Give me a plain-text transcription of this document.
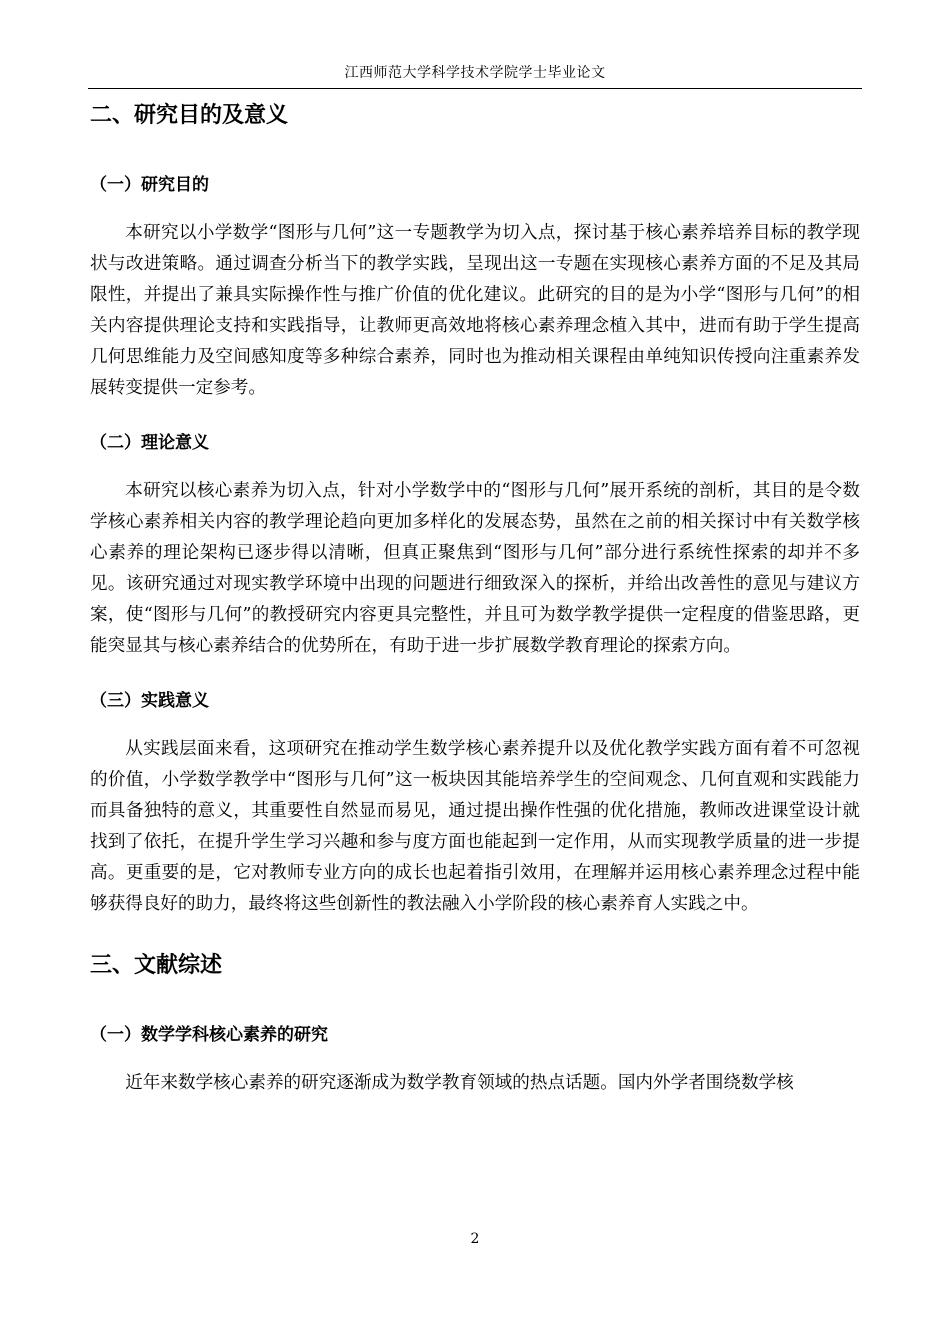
江西师范大学科学技术学院学士毕业论文
二、研究目的及意义
（一）研究目的

本研究以小学数学“图形与几何”这一专题教学为切入点，探讨基于核心素养培养目标的教学现状与改进策略。通过调查分析当下的教学实践，呈现出这一专题在实现核心素养方面的不足及其局限性，并提出了兼具实际操作性与推广价值的优化建议。此研究的目的是为小学“图形与几何”的相关内容提供理论支持和实践指导，让教师更高效地将核心素养理念植入其中，进而有助于学生提高几何思维能力及空间感知度等多种综合素养，同时也为推动相关课程由单纯知识传授向注重素养发展转变提供一定参考。

（二）理论意义

本研究以核心素养为切入点，针对小学数学中的“图形与几何”展开系统的剖析，其目的是令数学核心素养相关内容的教学理论趋向更加多样化的发展态势，虽然在之前的相关探讨中有关数学核心素养的理论架构已逐步得以清晰，但真正聚焦到“图形与几何”部分进行系统性探索的却并不多见。该研究通过对现实教学环境中出现的问题进行细致深入的探析，并给出改善性的意见与建议方案，使“图形与几何”的教授研究内容更具完整性，并且可为数学教学提供一定程度的借鉴思路，更能突显其与核心素养结合的优势所在，有助于进一步扩展数学教育理论的探索方向。

（三）实践意义

从实践层面来看，这项研究在推动学生数学核心素养提升以及优化教学实践方面有着不可忽视的价值，小学数学教学中“图形与几何”这一板块因其能培养学生的空间观念、几何直观和实践能力而具备独特的意义，其重要性自然显而易见，通过提出操作性强的优化措施，教师改进课堂设计就找到了依托，在提升学生学习兴趣和参与度方面也能起到一定作用，从而实现教学质量的进一步提高。更重要的是，它对教师专业方向的成长也起着指引效用，在理解并运用核心素养理念过程中能够获得良好的助力，最终将这些创新性的教法融入小学阶段的核心素养育人实践之中。

三、文献综述
（一）数学学科核心素养的研究

近年来数学核心素养的研究逐渐成为数学教育领域的热点话题。国内外学者围绕数学核

2
